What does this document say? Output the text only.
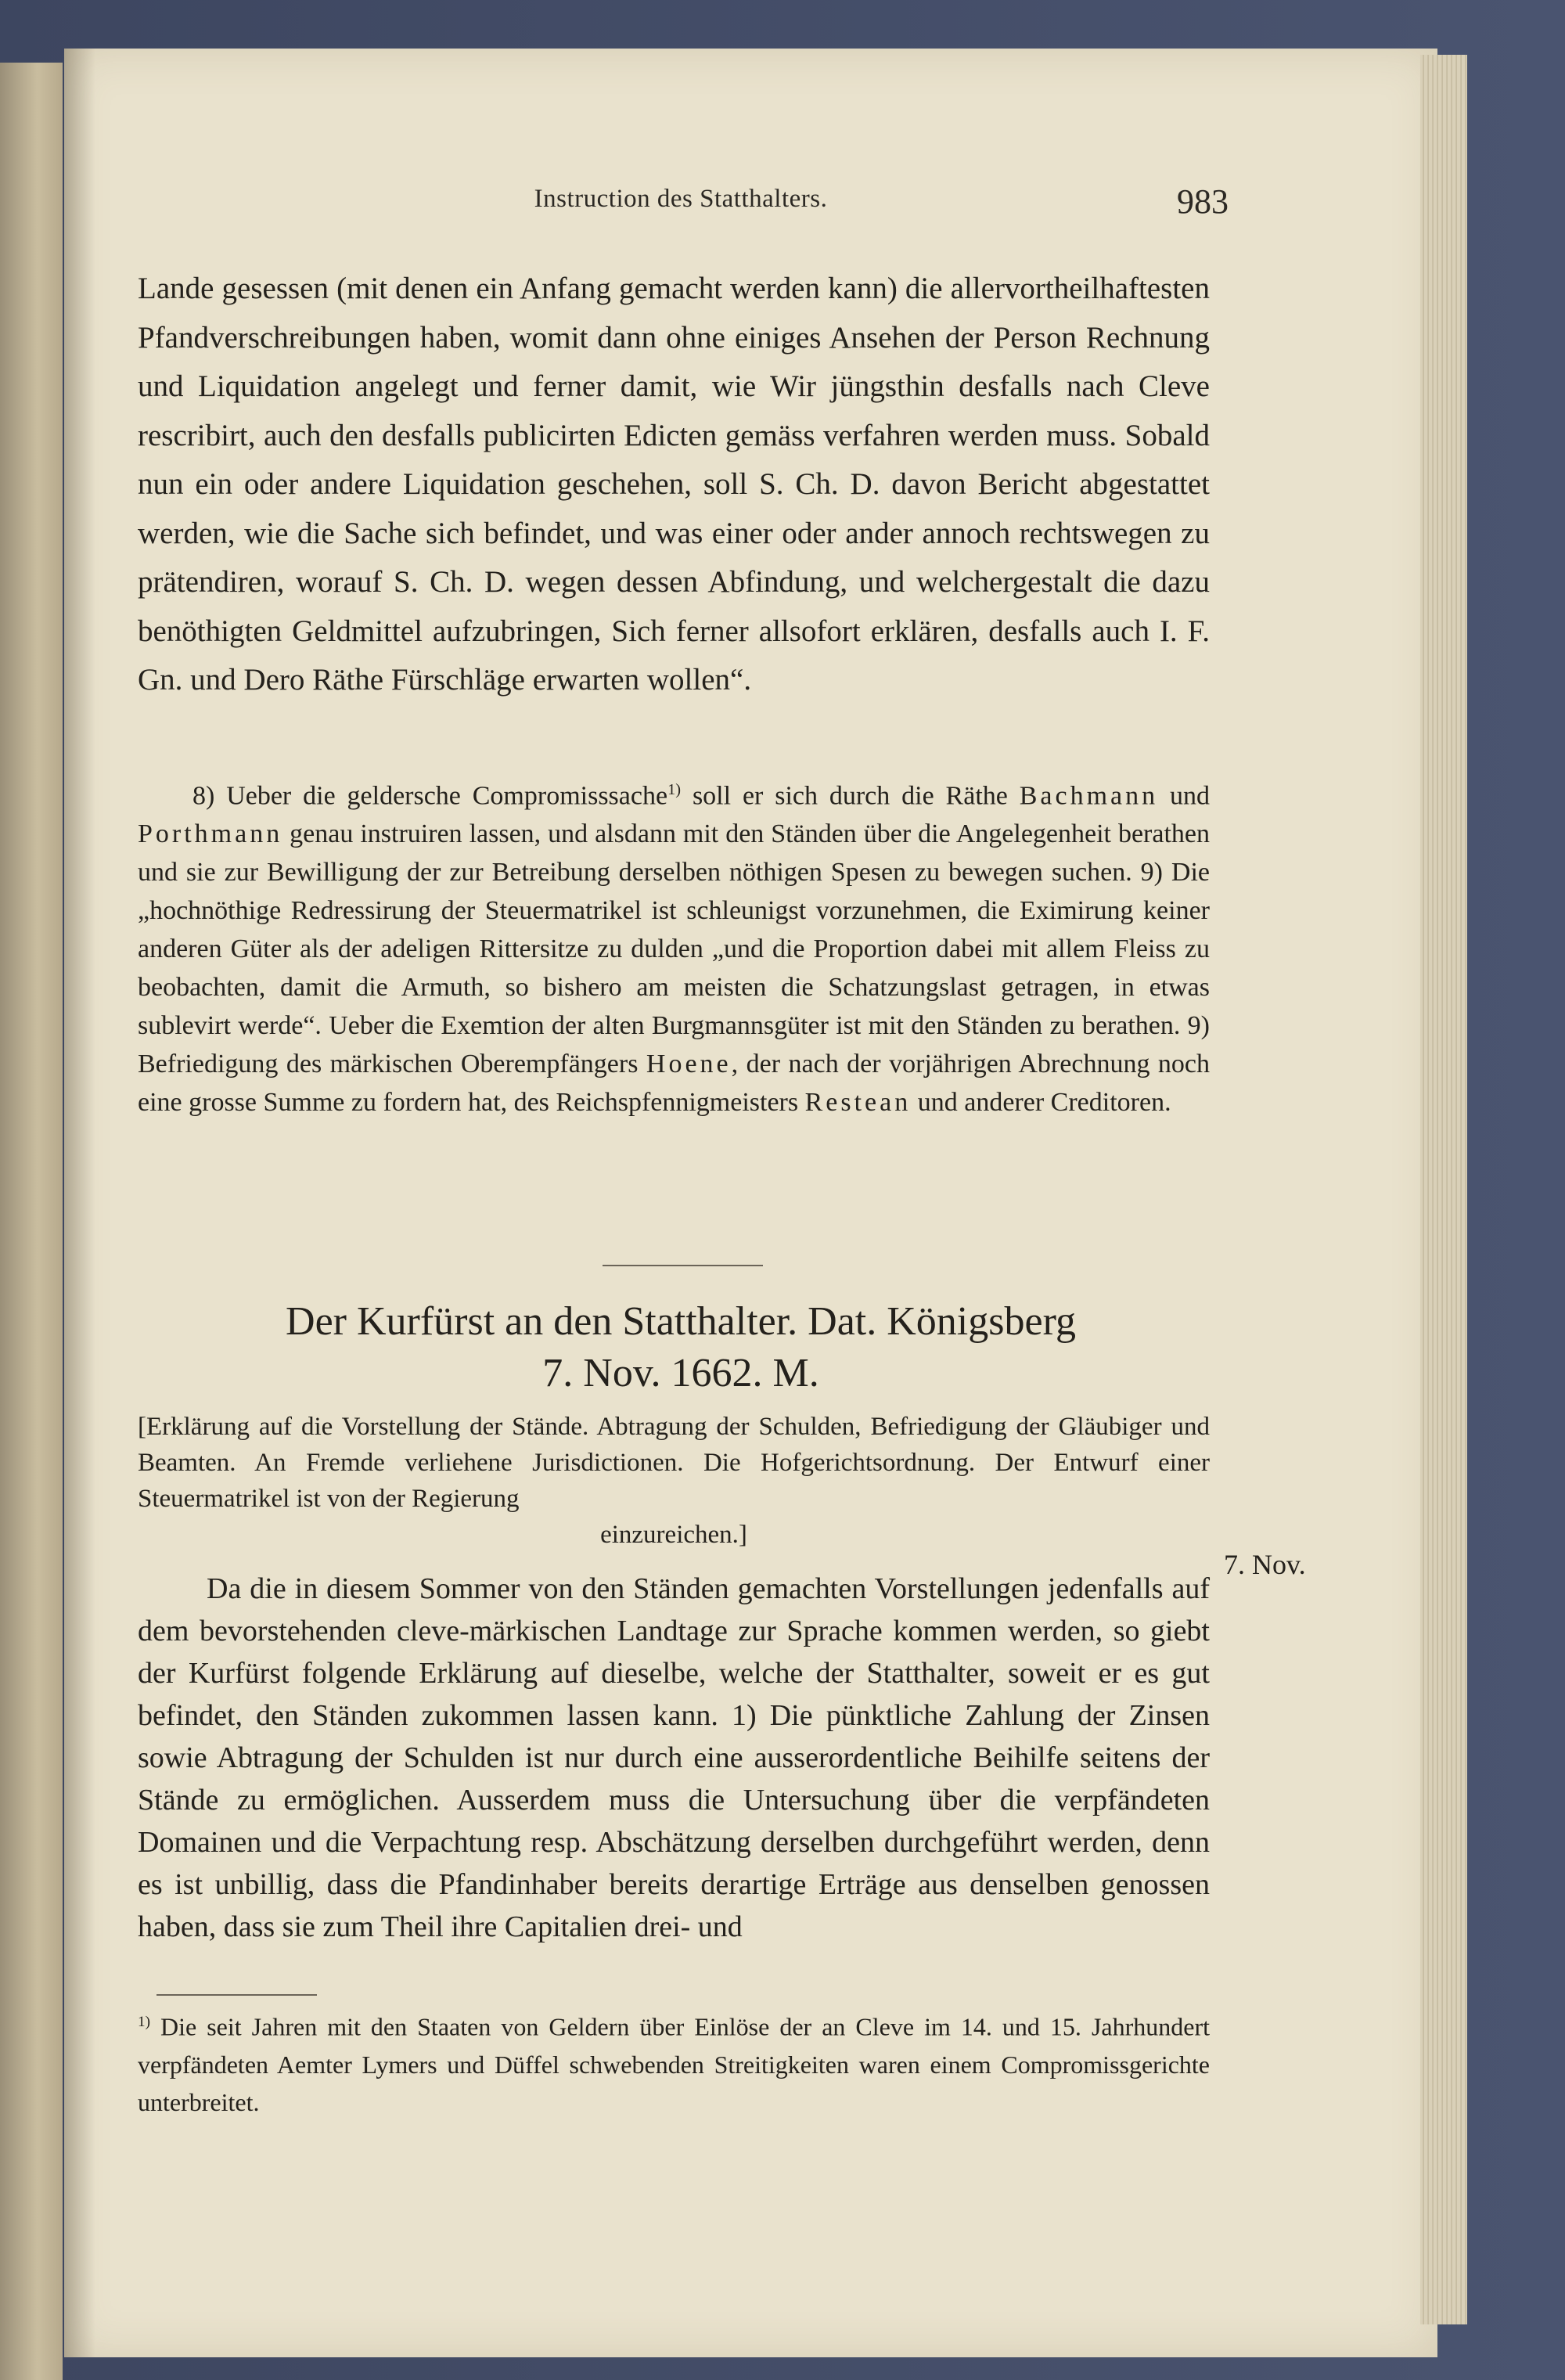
Instruction des Statthalters.	983
Lande gesessen (mit denen ein Anfang gemacht werden kann) die allervortheilhaftesten Pfandverschreibungen haben, womit dann ohne einiges Ansehen der Person Rechnung und Liquidation angelegt und ferner damit, wie Wir jüngsthin desfalls nach Cleve rescribirt, auch den desfalls publicirten Edicten gemäss verfahren werden muss. Sobald nun ein oder andere Liquidation geschehen, soll S. Ch. D. davon Bericht abgestattet werden, wie die Sache sich befindet, und was einer oder ander annoch rechtswegen zu prätendiren, worauf S. Ch. D. wegen dessen Abfindung, und welchergestalt die dazu benöthigten Geldmittel aufzubringen, Sich ferner allsofort erklären, desfalls auch I. F. Gn. und Dero Räthe Fürschläge erwarten wollen“.
8) Ueber die geldersche Compromisssache$^{1)}$ soll er sich durch die Räthe Bachmann und Porthmann genau instruiren lassen, und alsdann mit den Ständen über die Angelegenheit berathen und sie zur Bewilligung der zur Betreibung derselben nöthigen Spesen zu bewegen suchen. 9) Die „hochnöthige Redressirung der Steuermatrikel ist schleunigst vorzunehmen, die Eximirung keiner anderen Güter als der adeligen Rittersitze zu dulden „und die Proportion dabei mit allem Fleiss zu beobachten, damit die Armuth, so bishero am meisten die Schatzungslast getragen, in etwas sublevirt werde“. Ueber die Exemtion der alten Burgmannsgüter ist mit den Ständen zu berathen. 9) Befriedigung des märkischen Oberempfängers Hoene, der nach der vorjährigen Abrechnung noch eine grosse Summe zu fordern hat, des Reichspfennigmeisters Restean und anderer Creditoren.
Der Kurfürst an den Statthalter. Dat. Königsberg
7. Nov. 1662. M.
[Erklärung auf die Vorstellung der Stände. Abtragung der Schulden, Befriedigung der Gläubiger und Beamten. An Fremde verliehene Jurisdictionen. Die Hofgerichtsordnung. Der Entwurf einer Steuermatrikel ist von der Regierung
einzureichen.]
7. Nov.
Da die in diesem Sommer von den Ständen gemachten Vorstellungen jedenfalls auf dem bevorstehenden cleve-märkischen Landtage zur Sprache kommen werden, so giebt der Kurfürst folgende Erklärung auf dieselbe, welche der Statthalter, soweit er es gut befindet, den Ständen zukommen lassen kann. 1) Die pünktliche Zahlung der Zinsen sowie Abtragung der Schulden ist nur durch eine ausserordentliche Beihilfe seitens der Stände zu ermöglichen. Ausserdem muss die Untersuchung über die verpfändeten Domainen und die Verpachtung resp. Abschätzung derselben durchgeführt werden, denn es ist unbillig, dass die Pfandinhaber bereits derartige Erträge aus denselben genossen haben, dass sie zum Theil ihre Capitalien drei- und
$^{1)}$ Die seit Jahren mit den Staaten von Geldern über Einlöse der an Cleve im 14. und 15. Jahrhundert verpfändeten Aemter Lymers und Düffel schwebenden Streitigkeiten waren einem Compromissgerichte unterbreitet.
